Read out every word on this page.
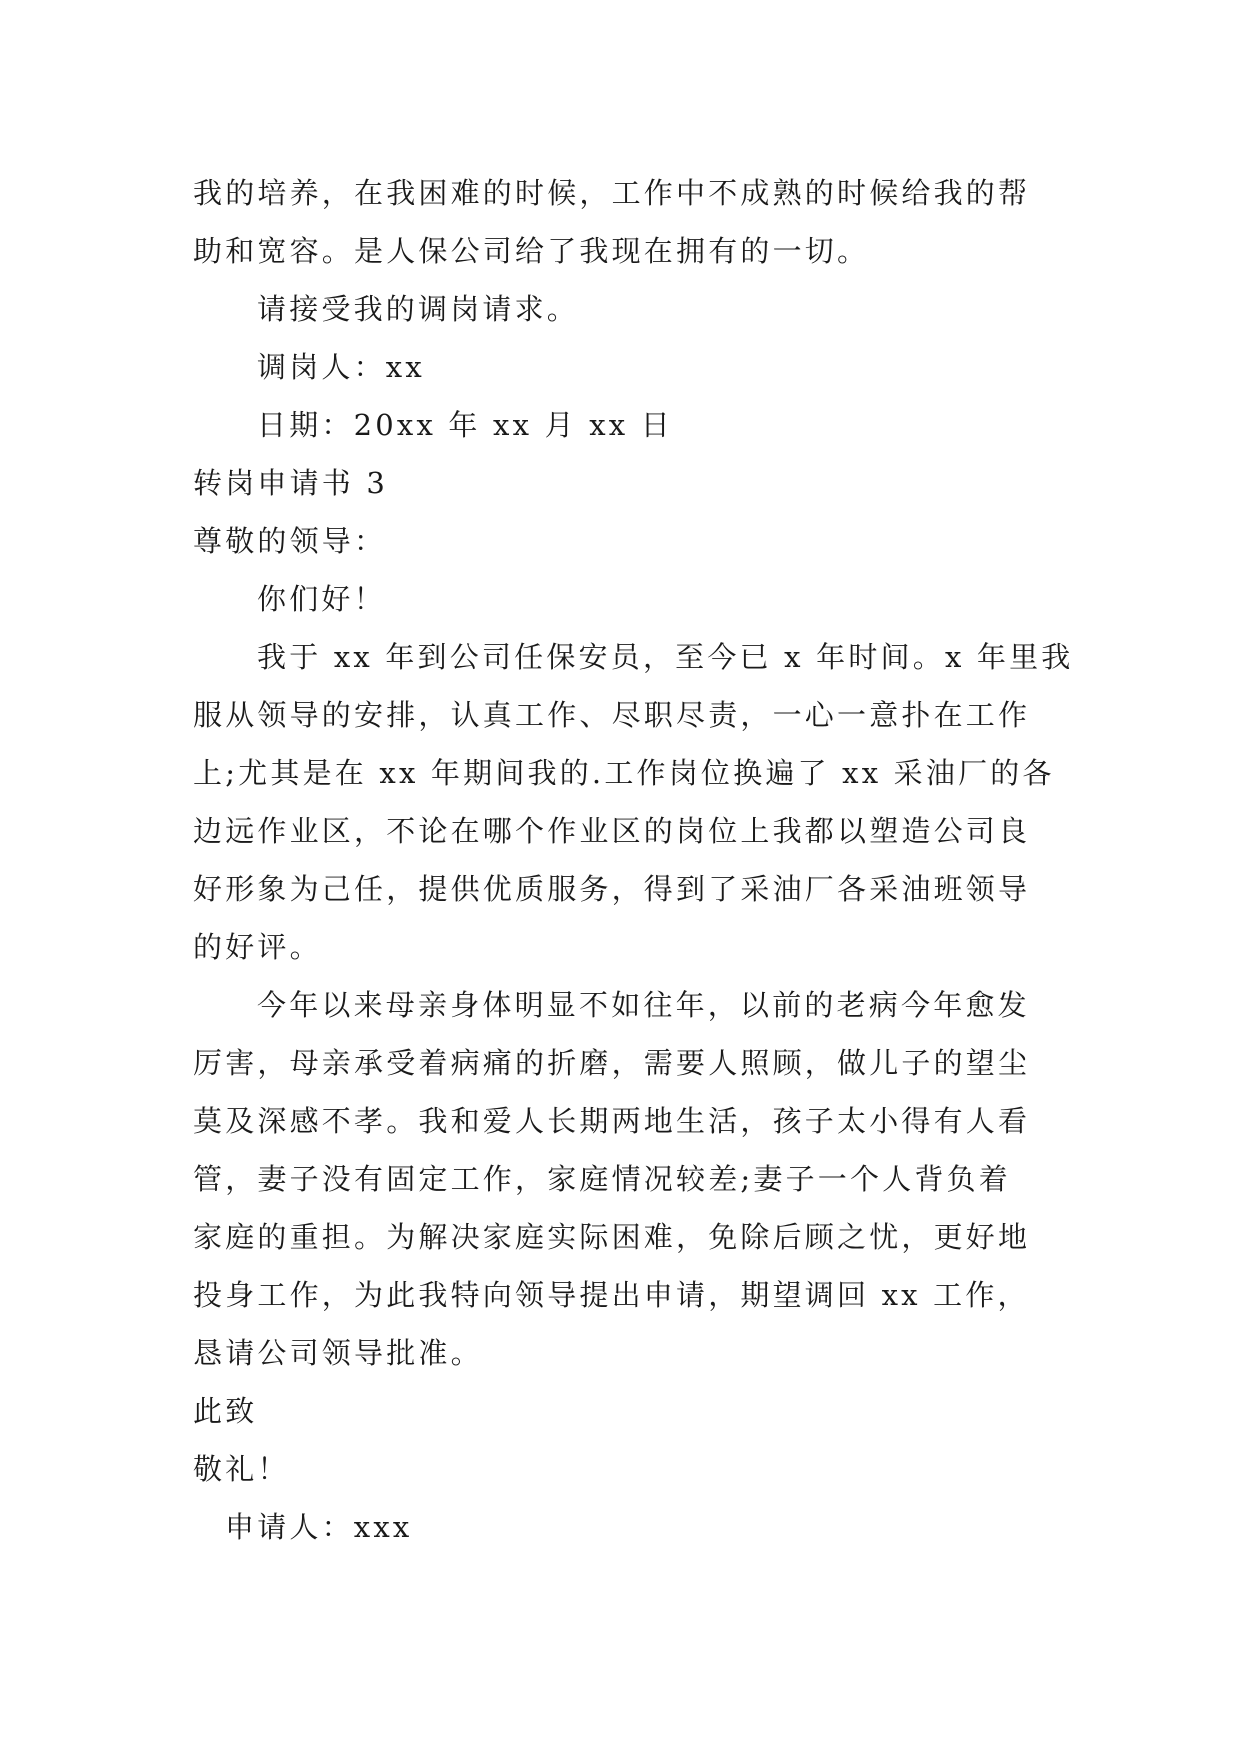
我的培养，在我困难的时候，工作中不成熟的时候给我的帮

助和宽容。是人保公司给了我现在拥有的一切。

请接受我的调岗请求。

调岗人：xx

日期：20xx 年 xx 月 xx 日

转岗申请书 3

尊敬的领导：

你们好！

我于 xx 年到公司任保安员，至今已 x 年时间。x 年里我

服从领导的安排，认真工作、尽职尽责，一心一意扑在工作

上;尤其是在 xx 年期间我的.工作岗位换遍了 xx 采油厂的各

边远作业区，不论在哪个作业区的岗位上我都以塑造公司良

好形象为己任，提供优质服务，得到了采油厂各采油班领导

的好评。

今年以来母亲身体明显不如往年，以前的老病今年愈发

厉害，母亲承受着病痛的折磨，需要人照顾，做儿子的望尘

莫及深感不孝。我和爱人长期两地生活，孩子太小得有人看

管，妻子没有固定工作，家庭情况较差;妻子一个人背负着

家庭的重担。为解决家庭实际困难，免除后顾之忧，更好地

投身工作，为此我特向领导提出申请，期望调回 xx 工作，

恳请公司领导批准。

此致

敬礼！

申请人：xxx
